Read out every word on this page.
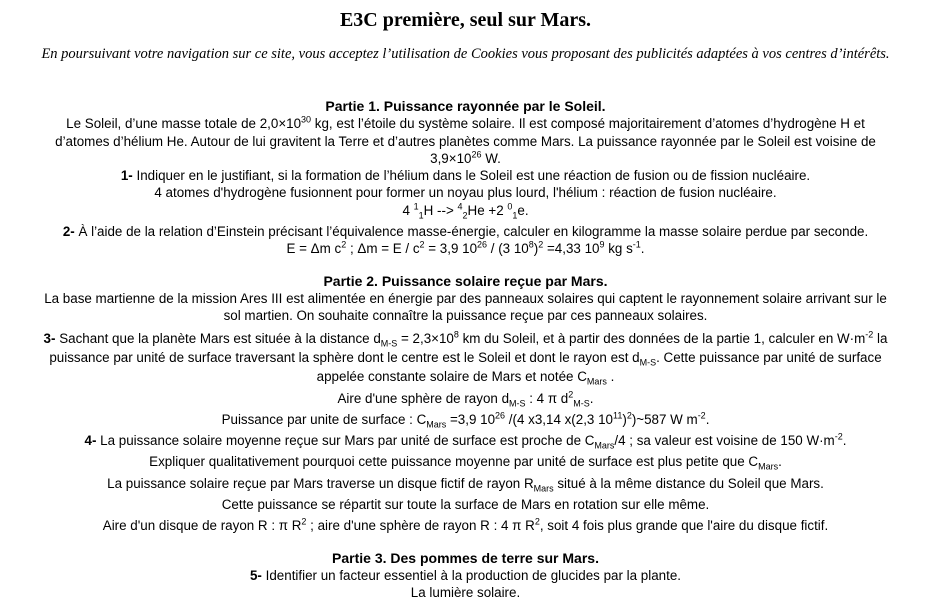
E3C première, seul sur Mars.
En poursuivant votre navigation sur ce site, vous acceptez l’utilisation de Cookies vous proposant des publicités adaptées à vos centres d’intérêts.

Partie 1. Puissance rayonnée par le Soleil.

Le Soleil, d’une masse totale de $2,0\times 10^{30}$ kg, est l’étoile du système solaire. Il est composé majoritairement d’atomes d’hydrogène H et d’atomes d’hélium He. Autour de lui gravitent la Terre et d’autres planètes comme Mars. La puissance rayonnée par le Soleil est voisine de $3,9\times 10^{26}$ W.

1- Indiquer en le justifiant, si la formation de l’hélium dans le Soleil est une réaction de fusion ou de fission nucléaire.

4 atomes d'hydrogène fusionnent pour former un noyau plus lourd, l'hélium : réaction de fusion nucléaire.

4 $^1_1$H --> $^4_2$He +2 $^0_1$e.

2- À l’aide de la relation d’Einstein précisant l’équivalence masse-énergie, calculer en kilogramme la masse solaire perdue par seconde.

E = Δm $c^2$ ; $\Delta m = E / c^2 = 3,9$ $10^{26} / (3$ $10^8)^2 =4,33$ $10^9$ kg $s^{-1}$.

Partie 2. Puissance solaire reçue par Mars.

La base martienne de la mission Ares III est alimentée en énergie par des panneaux solaires qui captent le rayonnement solaire arrivant sur le sol martien. On souhaite connaître la puissance reçue par ces panneaux solaires.

3- Sachant que la planète Mars est située à la distance $d_{M-S} = 2,3\times 10^8$ km du Soleil, et à partir des données de la partie 1, calculer en $W\cdot m^{-2}$ la puissance par unité de surface traversant la sphère dont le centre est le Soleil et dont le rayon est $d_{M-S}$. Cette puissance par unité de surface appelée constante solaire de Mars et notée $C_{Mars}$ .

Aire d'une sphère de rayon $d_{M-S}$ : 4 π $d^2_{M-S}$.

Puissance par unite de surface : $C_{Mars} =3,9$ $10^{26}$ /(4 x3,14 x(2,3 $10^{11})^2)\sim 587$ W $m^{-2}$.

4- La puissance solaire moyenne reçue sur Mars par unité de surface est proche de $C_{Mars}/4$ ; sa valeur est voisine de 150 $W\cdot m^{-2}$.

Expliquer qualitativement pourquoi cette puissance moyenne par unité de surface est plus petite que $C_{Mars}$.

La puissance solaire reçue par Mars traverse un disque fictif de rayon $R_{Mars}$ situé à la même distance du Soleil que Mars.

Cette puissance se répartit sur toute la surface de Mars en rotation sur elle même.

Aire d'un disque de rayon R : π $R^2$ ; aire d'une sphère de rayon R : 4 π $R^2$, soit 4 fois plus grande que l'aire du disque fictif.

Partie 3. Des pommes de terre sur Mars.

5- Identifier un facteur essentiel à la production de glucides par la plante.

La lumière solaire.
